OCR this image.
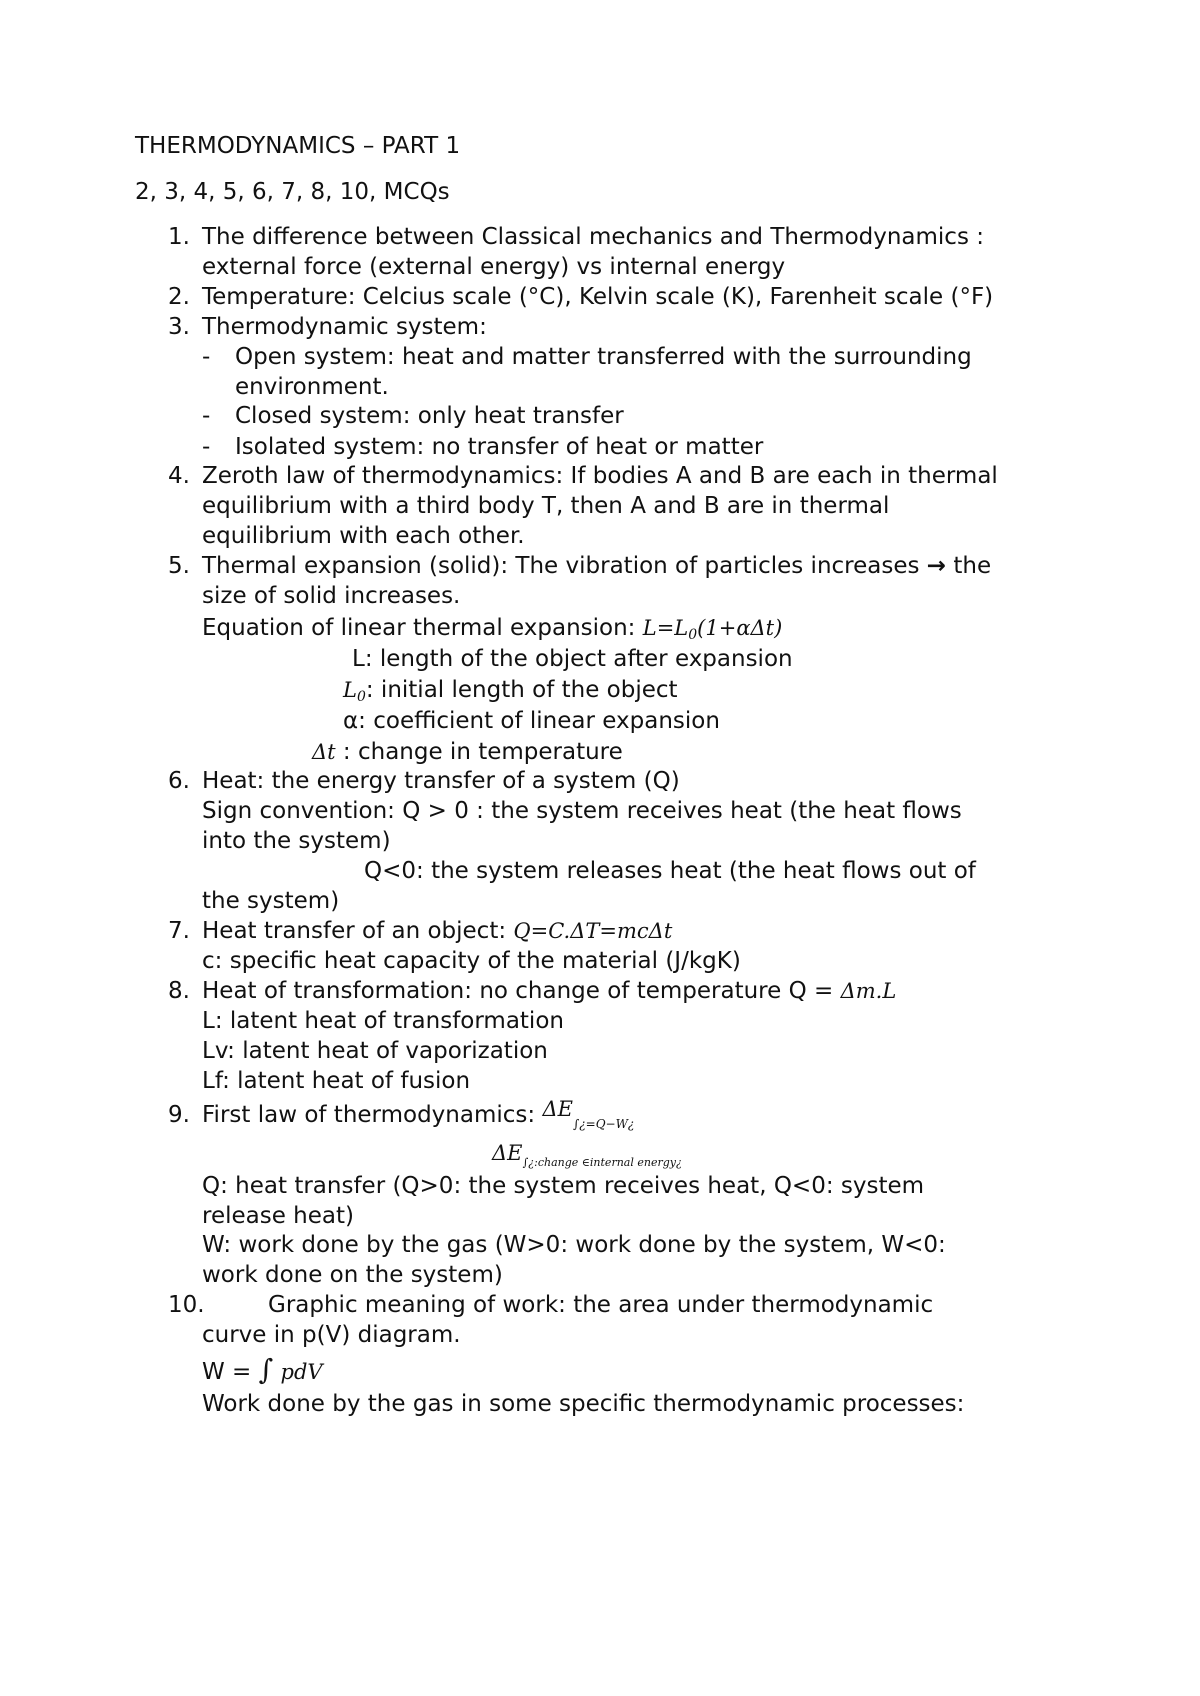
THERMODYNAMICS – PART 1
2, 3, 4, 5, 6, 7, 8, 10, MCQs
1. The difference between Classical mechanics and Thermodynamics :
external force (external energy) vs internal energy
2. Temperature: Celcius scale (°C), Kelvin scale (K), Farenheit scale (°F)
3. Thermodynamic system:
- Open system: heat and matter transferred with the surrounding
environment.
- Closed system: only heat transfer
- Isolated system: no transfer of heat or matter
4. Zeroth law of thermodynamics: If bodies A and B are each in thermal
equilibrium with a third body T, then A and B are in thermal
equilibrium with each other.
5. Thermal expansion (solid): The vibration of particles increases → the
size of solid increases.
Equation of linear thermal expansion: $L=L_0(1+\alpha\Delta t)$
L: length of the object after expansion
$L_0$: initial length of the object
α: coefficient of linear expansion
Δt : change in temperature
6. Heat: the energy transfer of a system (Q)
Sign convention: Q > 0 : the system receives heat (the heat flows
into the system)
Q<0: the system releases heat (the heat flows out of
the system)
7. Heat transfer of an object: Q=C.ΔT=mcΔt
c: specific heat capacity of the material (J/kgK)
8. Heat of transformation: no change of temperature Q = Δm.L
L: latent heat of transformation
Lv: latent heat of vaporization
Lf: latent heat of fusion
9. First law of thermodynamics: $\Delta E_{\int¿=Q-W¿}$
$\Delta E_{\int¿:change \in internal energy¿}$
Q: heat transfer (Q>0: the system receives heat, Q<0: system
release heat)
W: work done by the gas (W>0: work done by the system, W<0:
work done on the system)
10.	Graphic meaning of work: the area under thermodynamic
curve in p(V) diagram.
W = ∫ pdV
Work done by the gas in some specific thermodynamic processes:
